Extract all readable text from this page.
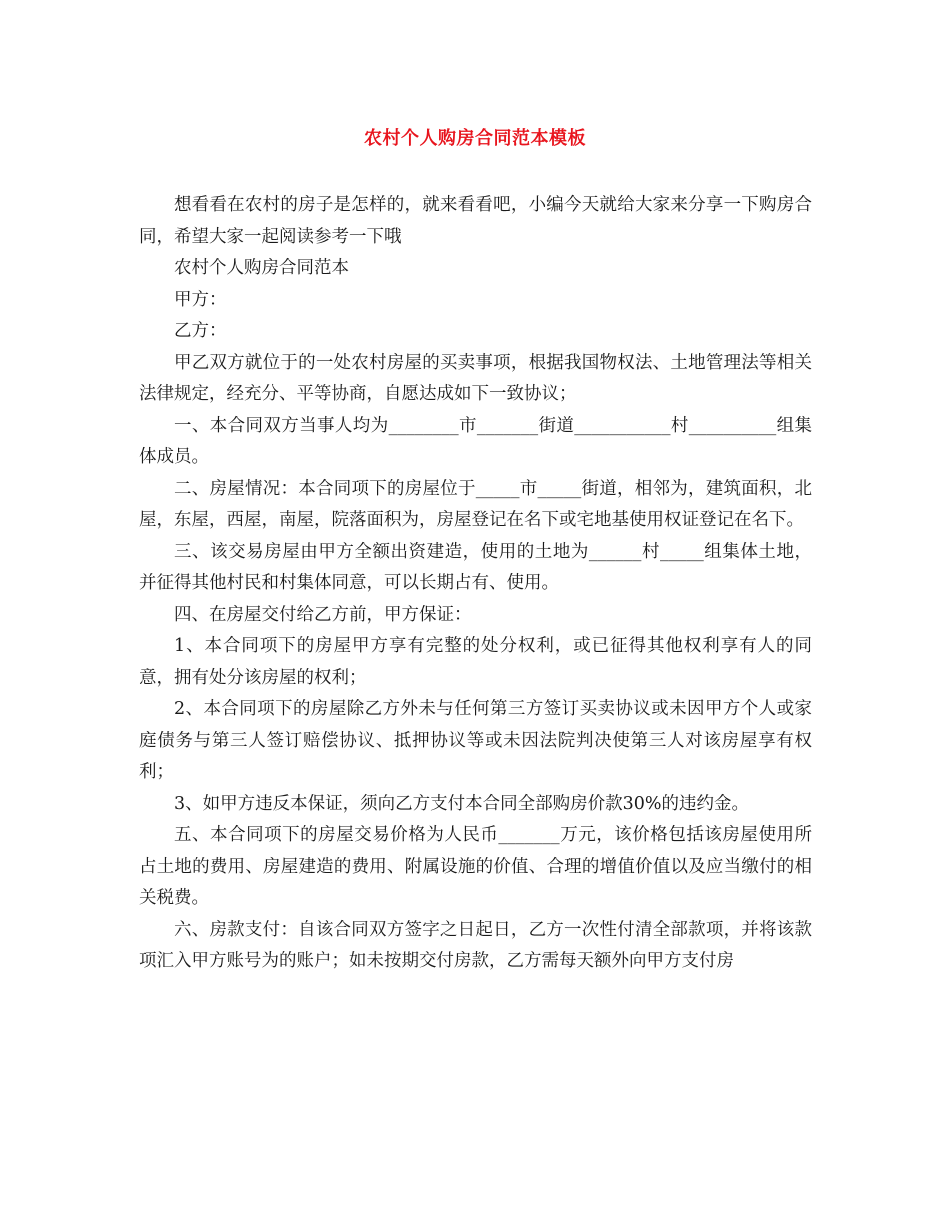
农村个人购房合同范本模板

想看看在农村的房子是怎样的，就来看看吧，小编今天就给大家来分享一下购房合同，希望大家一起阅读参考一下哦

农村个人购房合同范本

甲方：

乙方：

甲乙双方就位于的一处农村房屋的买卖事项，根据我国物权法、土地管理法等相关法律规定，经充分、平等协商，自愿达成如下一致协议；

一、本合同双方当事人均为________市_______街道___________村__________组集体成员。

二、房屋情况：本合同项下的房屋位于_____市_____街道，相邻为，建筑面积，北屋，东屋，西屋，南屋，院落面积为，房屋登记在名下或宅地基使用权证登记在名下。

三、该交易房屋由甲方全额出资建造，使用的土地为______村_____组集体土地，并征得其他村民和村集体同意，可以长期占有、使用。

四、在房屋交付给乙方前，甲方保证：

1、本合同项下的房屋甲方享有完整的处分权利，或已征得其他权利享有人的同意，拥有处分该房屋的权利；

2、本合同项下的房屋除乙方外未与任何第三方签订买卖协议或未因甲方个人或家庭债务与第三人签订赔偿协议、抵押协议等或未因法院判决使第三人对该房屋享有权利；

3、如甲方违反本保证，须向乙方支付本合同全部购房价款30%的违约金。

五、本合同项下的房屋交易价格为人民币_______万元，该价格包括该房屋使用所占土地的费用、房屋建造的费用、附属设施的价值、合理的增值价值以及应当缴付的相关税费。

六、房款支付：自该合同双方签字之日起日，乙方一次性付清全部款项，并将该款项汇入甲方账号为的账户；如未按期交付房款，乙方需每天额外向甲方支付房
